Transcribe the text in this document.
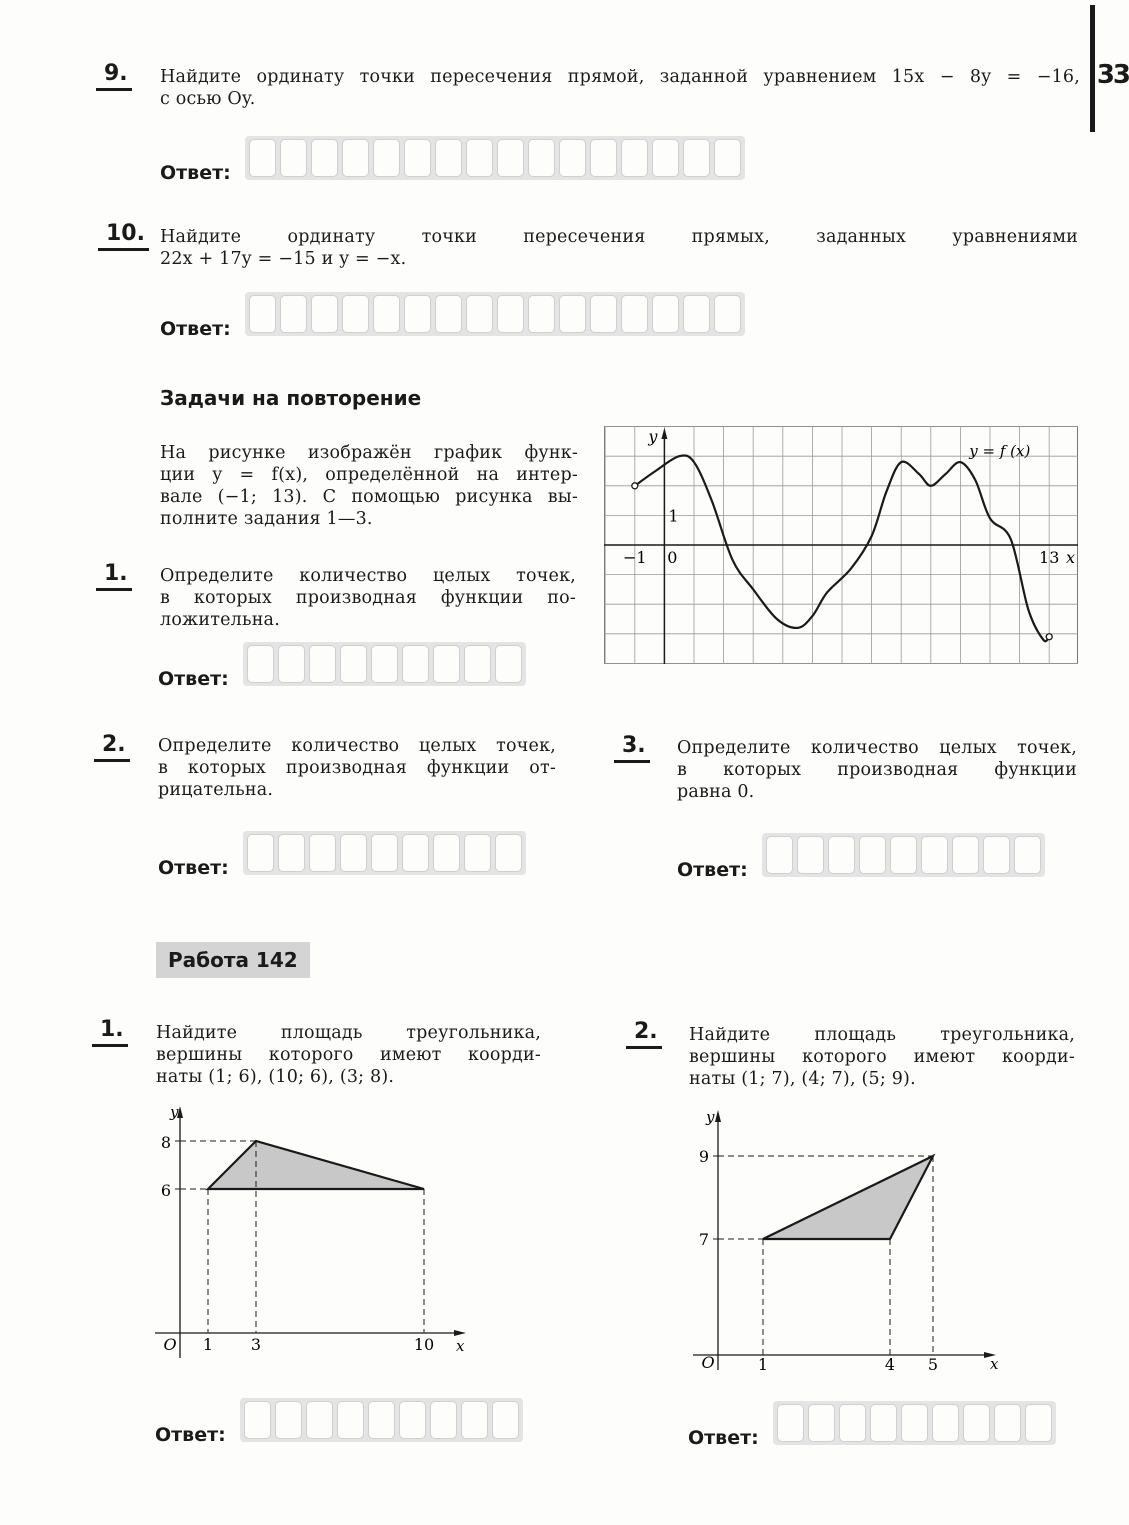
33
9. Найдите ординату точки пересечения прямой, заданной уравнением 15x − 8y = −16,
с осью Oy.
Ответ:
10. Найдите ординату точки пересечения прямых, заданных уравнениями
22x + 17y = −15 и y = −x.
Ответ:
Задачи на повторение
На рисунке изображён график функ-
ции y = f(x), определённой на интер-
вале (−1; 13). С помощью рисунка вы-
полните задания 1—3.
1. Определите количество целых точек,
в которых производная функции по-
ложительна.
Ответ:
y
x
−1 0	13
1
y = f (x)
2. Определите количество целых точек,
в которых производная функции от-
рицательна.
Ответ:
3. Определите количество целых точек,
в которых производная функции
равна 0.
Ответ:
Работа 142
1. Найдите площадь треугольника,
вершины которого имеют коорди-
наты (1; 6), (10; 6), (3; 8).
y
8
6
O 1 3	10 x
Ответ:
2. Найдите площадь треугольника,
вершины которого имеют коорди-
наты (1; 7), (4; 7), (5; 9).
y
9
7
O	1	4 5	x
Ответ:
